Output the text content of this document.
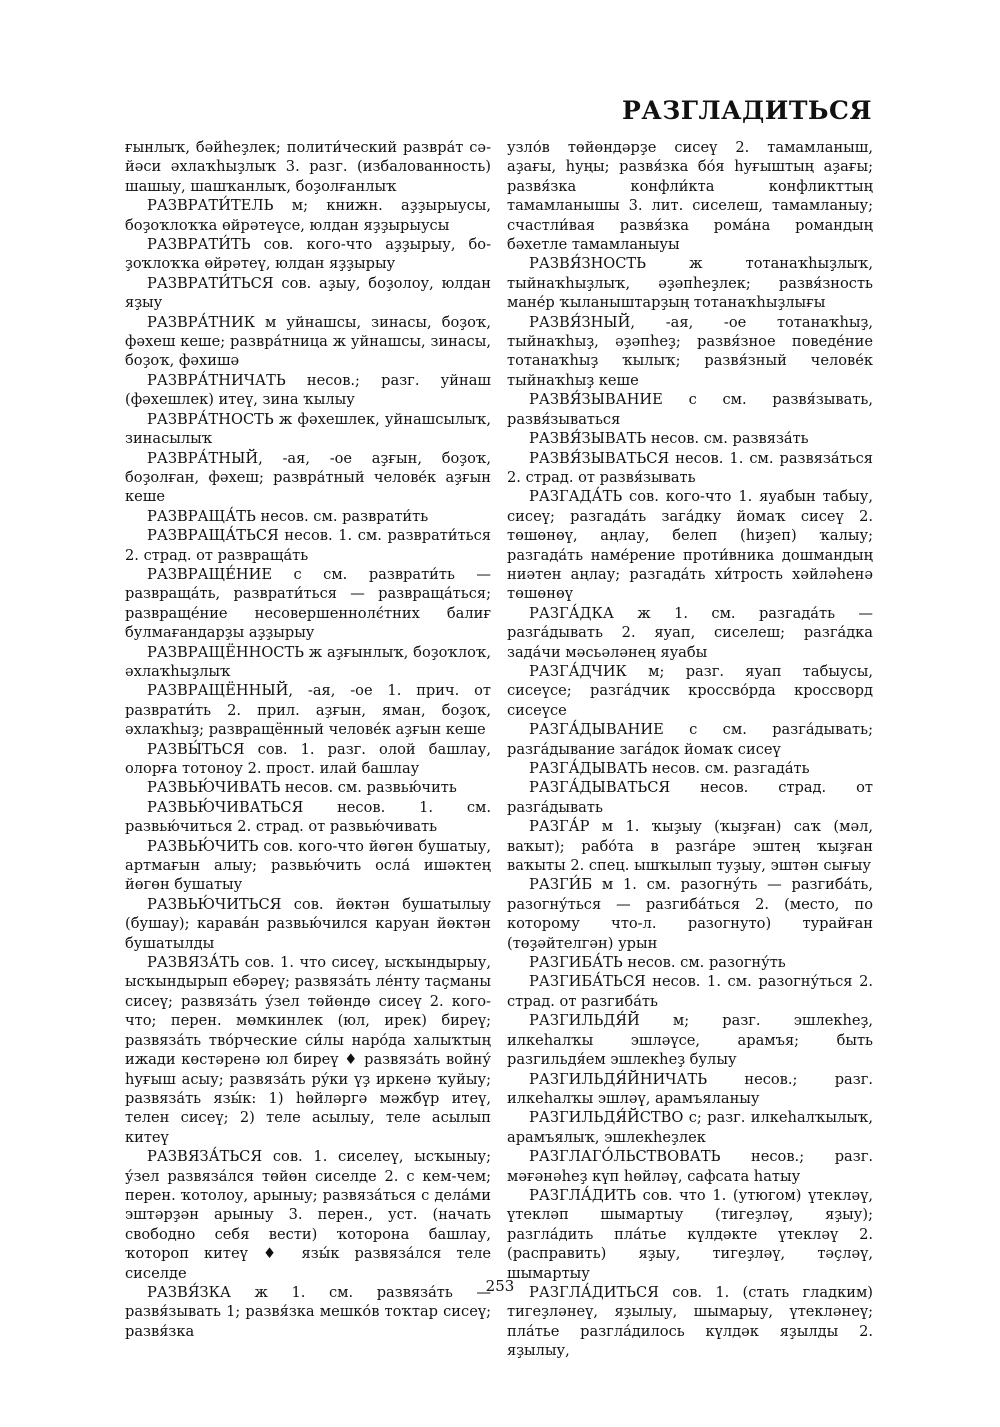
РАЗГЛАДИТЬСЯ
ғынлыҡ, бәйһеҙлек; полити́ческий развра́т сә-йәси әхлаҡһыҙлыҡ 3. разг. (избалованность) шашыу, шашҡанлыҡ, боҙолғанлыҡ
РАЗВРАТИ́ТЕЛЬ м; книжн. аҙҙырыусы, боҙоҡлоҡҡа өйрәтеүсе, юлдан яҙҙырыусы
РАЗВРАТИ́ТЬ сов. кого-что аҙҙырыу, бо-ҙоҡлоҡҡа өйрәтеү, юлдан яҙҙырыу
РАЗВРАТИ́ТЬСЯ сов. аҙыу, боҙолоу, юлдан яҙыу
РАЗВРА́ТНИК м уйнашсы, зинасы, боҙоҡ, фәхеш кеше; развра́тница ж уйнашсы, зинасы, боҙоҡ, фәхишә
РАЗВРА́ТНИЧАТЬ несов.; разг. уйнаш (фәхешлек) итеү, зина ҡылыу
РАЗВРА́ТНОСТЬ ж фәхешлек, уйнашсылыҡ, зинасылыҡ
РАЗВРА́ТНЫЙ, -ая, -ое аҙғын, боҙоҡ, боҙолған, фәхеш; развра́тный челове́к аҙғын кеше
РАЗВРАЩА́ТЬ несов. см. разврати́ть
РАЗВРАЩА́ТЬСЯ несов. 1. см. разврати́ться 2. страд. от развраща́ть
РАЗВРАЩЕ́НИЕ с см. разврати́ть — развраща́ть, разврати́ться — развраща́ться; развраще́ние несовершеннолє́тних балиғ булмағандарҙы аҙҙырыу
РАЗВРАЩЁННОСТЬ ж аҙғынлыҡ, боҙоҡлоҡ, әхлаҡһыҙлыҡ
РАЗВРАЩЁННЫЙ, -ая, -ое 1. прич. от разврати́ть 2. прил. аҙғын, яман, боҙоҡ, әхлаҡһыҙ; развращённый челове́к аҙғын кеше
РАЗВЫ́ТЬСЯ сов. 1. разг. олой башлау, олорға тотоноу 2. прост. илай башлау
РАЗВЬЮ́ЧИВАТЬ несов. см. развью́чить
РАЗВЬЮ́ЧИВАТЬСЯ несов. 1. см. развью́читься 2. страд. от развью́чивать
РАЗВЬЮ́ЧИТЬ сов. кого-что йөгөн бушатыу, артмағын алыу; развью́чить осла́ ишәктең йөгөн бушатыу
РАЗВЬЮ́ЧИТЬСЯ сов. йөктән бушатылыу (бушау); карава́н развью́чился каруан йөктән бушатылды
РАЗВЯЗА́ТЬ сов. 1. что сисеү, ысҡындырыу, ысҡындырып ебәреү; развяза́ть ле́нту таҫманы сисеү; развяза́ть у́зел төйөндө сисеү 2. кого-что; перен. мөмкинлек (юл, ирек) биреү; развяза́ть тво́рческие си́лы наро́да халыҡтың ижади көстәренә юл биреү ♦ развяза́ть войну́ һуғыш асыу; развяза́ть ру́ки үҙ иркенә ҡуйыу; развяза́ть язы́к: 1) һөйләргә мәжбүр итеү, телен сисеү; 2) теле асылыу, теле асылып китеү
РАЗВЯЗА́ТЬСЯ сов. 1. сиселеү, ысҡыныу; у́зел развяза́лся төйөн сиселде 2. с кем-чем; перен. ҡотолоу, арыныу; развяза́ться с дела́ми эштәрҙән арыныу 3. перен., уст. (начать свободно себя вести) ҡоторона башлау, ҡотороп китеү ♦ язы́к развяза́лся теле сиселде
РАЗВЯ́ЗКА ж 1. см. развяза́ть — развя́зывать 1; развя́зка мешко́в тоҡтар сисеү; развя́зка
узло́в төйөндәрҙе сисеү 2. тамамланыш, аҙағы, һуңы; развя́зка бо́я һуғыштың аҙағы; развя́зка конфли́кта конфликттың тамамланышы 3. лит. сиселеш, тамамланыу; счастли́вая развя́зка рома́на романдың бәхетле тамамланыуы
РАЗВЯ́ЗНОСТЬ ж тотанаҡһыҙлыҡ, тыйнаҡһыҙлыҡ, әҙәпһеҙлек; развя́зность мане́р ҡыланыштарҙың тотанаҡһыҙлығы
РАЗВЯ́ЗНЫЙ, -ая, -ое тотанаҡһыҙ, тыйнаҡһыҙ, әҙәпһеҙ; развя́зное поведе́ние тотанаҡһыҙ ҡылыҡ; развя́зный челове́к тыйнаҡһыҙ кеше
РАЗВЯ́ЗЫВАНИЕ с см. развя́зывать, развя́зываться
РАЗВЯ́ЗЫВАТЬ несов. см. развяза́ть
РАЗВЯ́ЗЫВАТЬСЯ несов. 1. см. развяза́ться 2. страд. от развя́зывать
РАЗГАДА́ТЬ сов. кого-что 1. яуабын табыу, сисеү; разгада́ть зага́дку йомаҡ сисеү 2. төшөнөү, аңлау, белеп (һиҙеп) ҡалыу; разгада́ть наме́рение проти́вника дошмандың ниәтен аңлау; разгада́ть хи́трость хәйләһенә төшөнөү
РАЗГА́ДКА ж 1. см. разгада́ть — разга́дывать 2. яуап, сиселеш; разга́дка зада́чи мәсьәләнең яуабы
РАЗГА́ДЧИК м; разг. яуап табыусы, сисеүсе; разга́дчик кроссво́рда кроссворд сисеүсе
РАЗГА́ДЫВАНИЕ с см. разга́дывать; разга́дывание зага́док йомаҡ сисеү
РАЗГА́ДЫВАТЬ несов. см. разгада́ть
РАЗГА́ДЫВАТЬСЯ несов. страд. от разга́дывать
РАЗГА́Р м 1. ҡыҙыу (ҡыҙған) саҡ (мәл, ваҡыт); рабо́та в разга́ре эштең ҡыҙған ваҡыты 2. спец. ышҡылып туҙыу, эштән сығыу
РАЗГИ́Б м 1. см. разогну́ть — разгиба́ть, разогну́ться — разгиба́ться 2. (место, по которому что-л. разогнуто) турайған (төҙәйтелгән) урын
РАЗГИБА́ТЬ несов. см. разогну́ть
РАЗГИБА́ТЬСЯ несов. 1. см. разогну́ться 2. страд. от разгиба́ть
РАЗГИЛЬДЯ́Й м; разг. эшлекһеҙ, илкеһалҡы эшләүсе, арамъя; быть разгильдя́ем эшлекһеҙ булыу
РАЗГИЛЬДЯ́ЙНИЧАТЬ несов.; разг. илкеһалҡы эшләү, арамъяланыу
РАЗГИЛЬДЯ́ЙСТВО с; разг. илкеһалҡылыҡ, арамъялыҡ, эшлекһеҙлек
РАЗГЛАГО́ЛЬСТВОВАТЬ несов.; разг. мәғәнәһеҙ күп һөйләү, сафсата һатыу
РАЗГЛА́ДИТЬ сов. что 1. (утюгом) үтекләү, үтекләп шымартыу (тигеҙләү, яҙыу); разгла́дить пла́тье күлдәкте үтекләү 2. (расправить) яҙыу, тигеҙләү, тәҫләү, шымартыу
РАЗГЛА́ДИТЬСЯ сов. 1. (стать гладким) тигеҙләнеү, яҙылыу, шымарыу, үтекләнеү; пла́тье разгла́дилось күлдәк яҙылды 2. яҙылыу,
253
